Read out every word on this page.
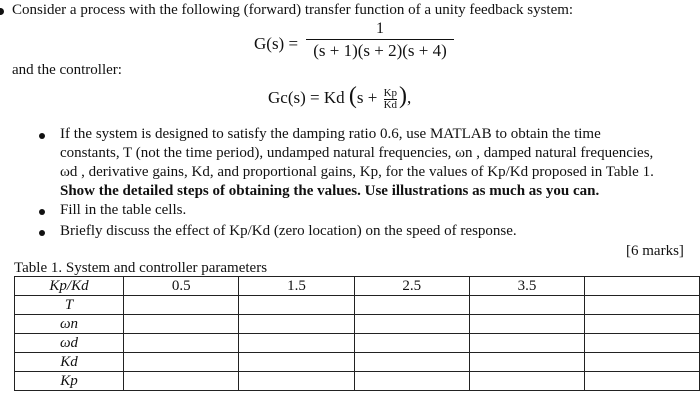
Consider a process with the following (forward) transfer function of a unity feedback system:
G(s) =
1
(s + 1)(s + 2)(s + 4)
and the controller:
Gc(s) = Kd ($s + \frac{Kp}{Kd}$ ),
If the system is designed to satisfy the damping ratio 0.6, use MATLAB to obtain the time
constants, T (not the time period), undamped natural frequencies, ωn , damped natural frequencies,
ωd , derivative gains, Kd, and proportional gains, Kp, for the values of Kp/Kd proposed in Table 1.
Show the detailed steps of obtaining the values. Use illustrations as much as you can.
Fill in the table cells.
Briefly discuss the effect of Kp/Kd (zero location) on the speed of response.
[6 marks]
Table 1. System and controller parameters
Kp/Kd	0.5	1.5	2.5	3.5	
T					
ωn					
ωd					
Kd					
Kp					
